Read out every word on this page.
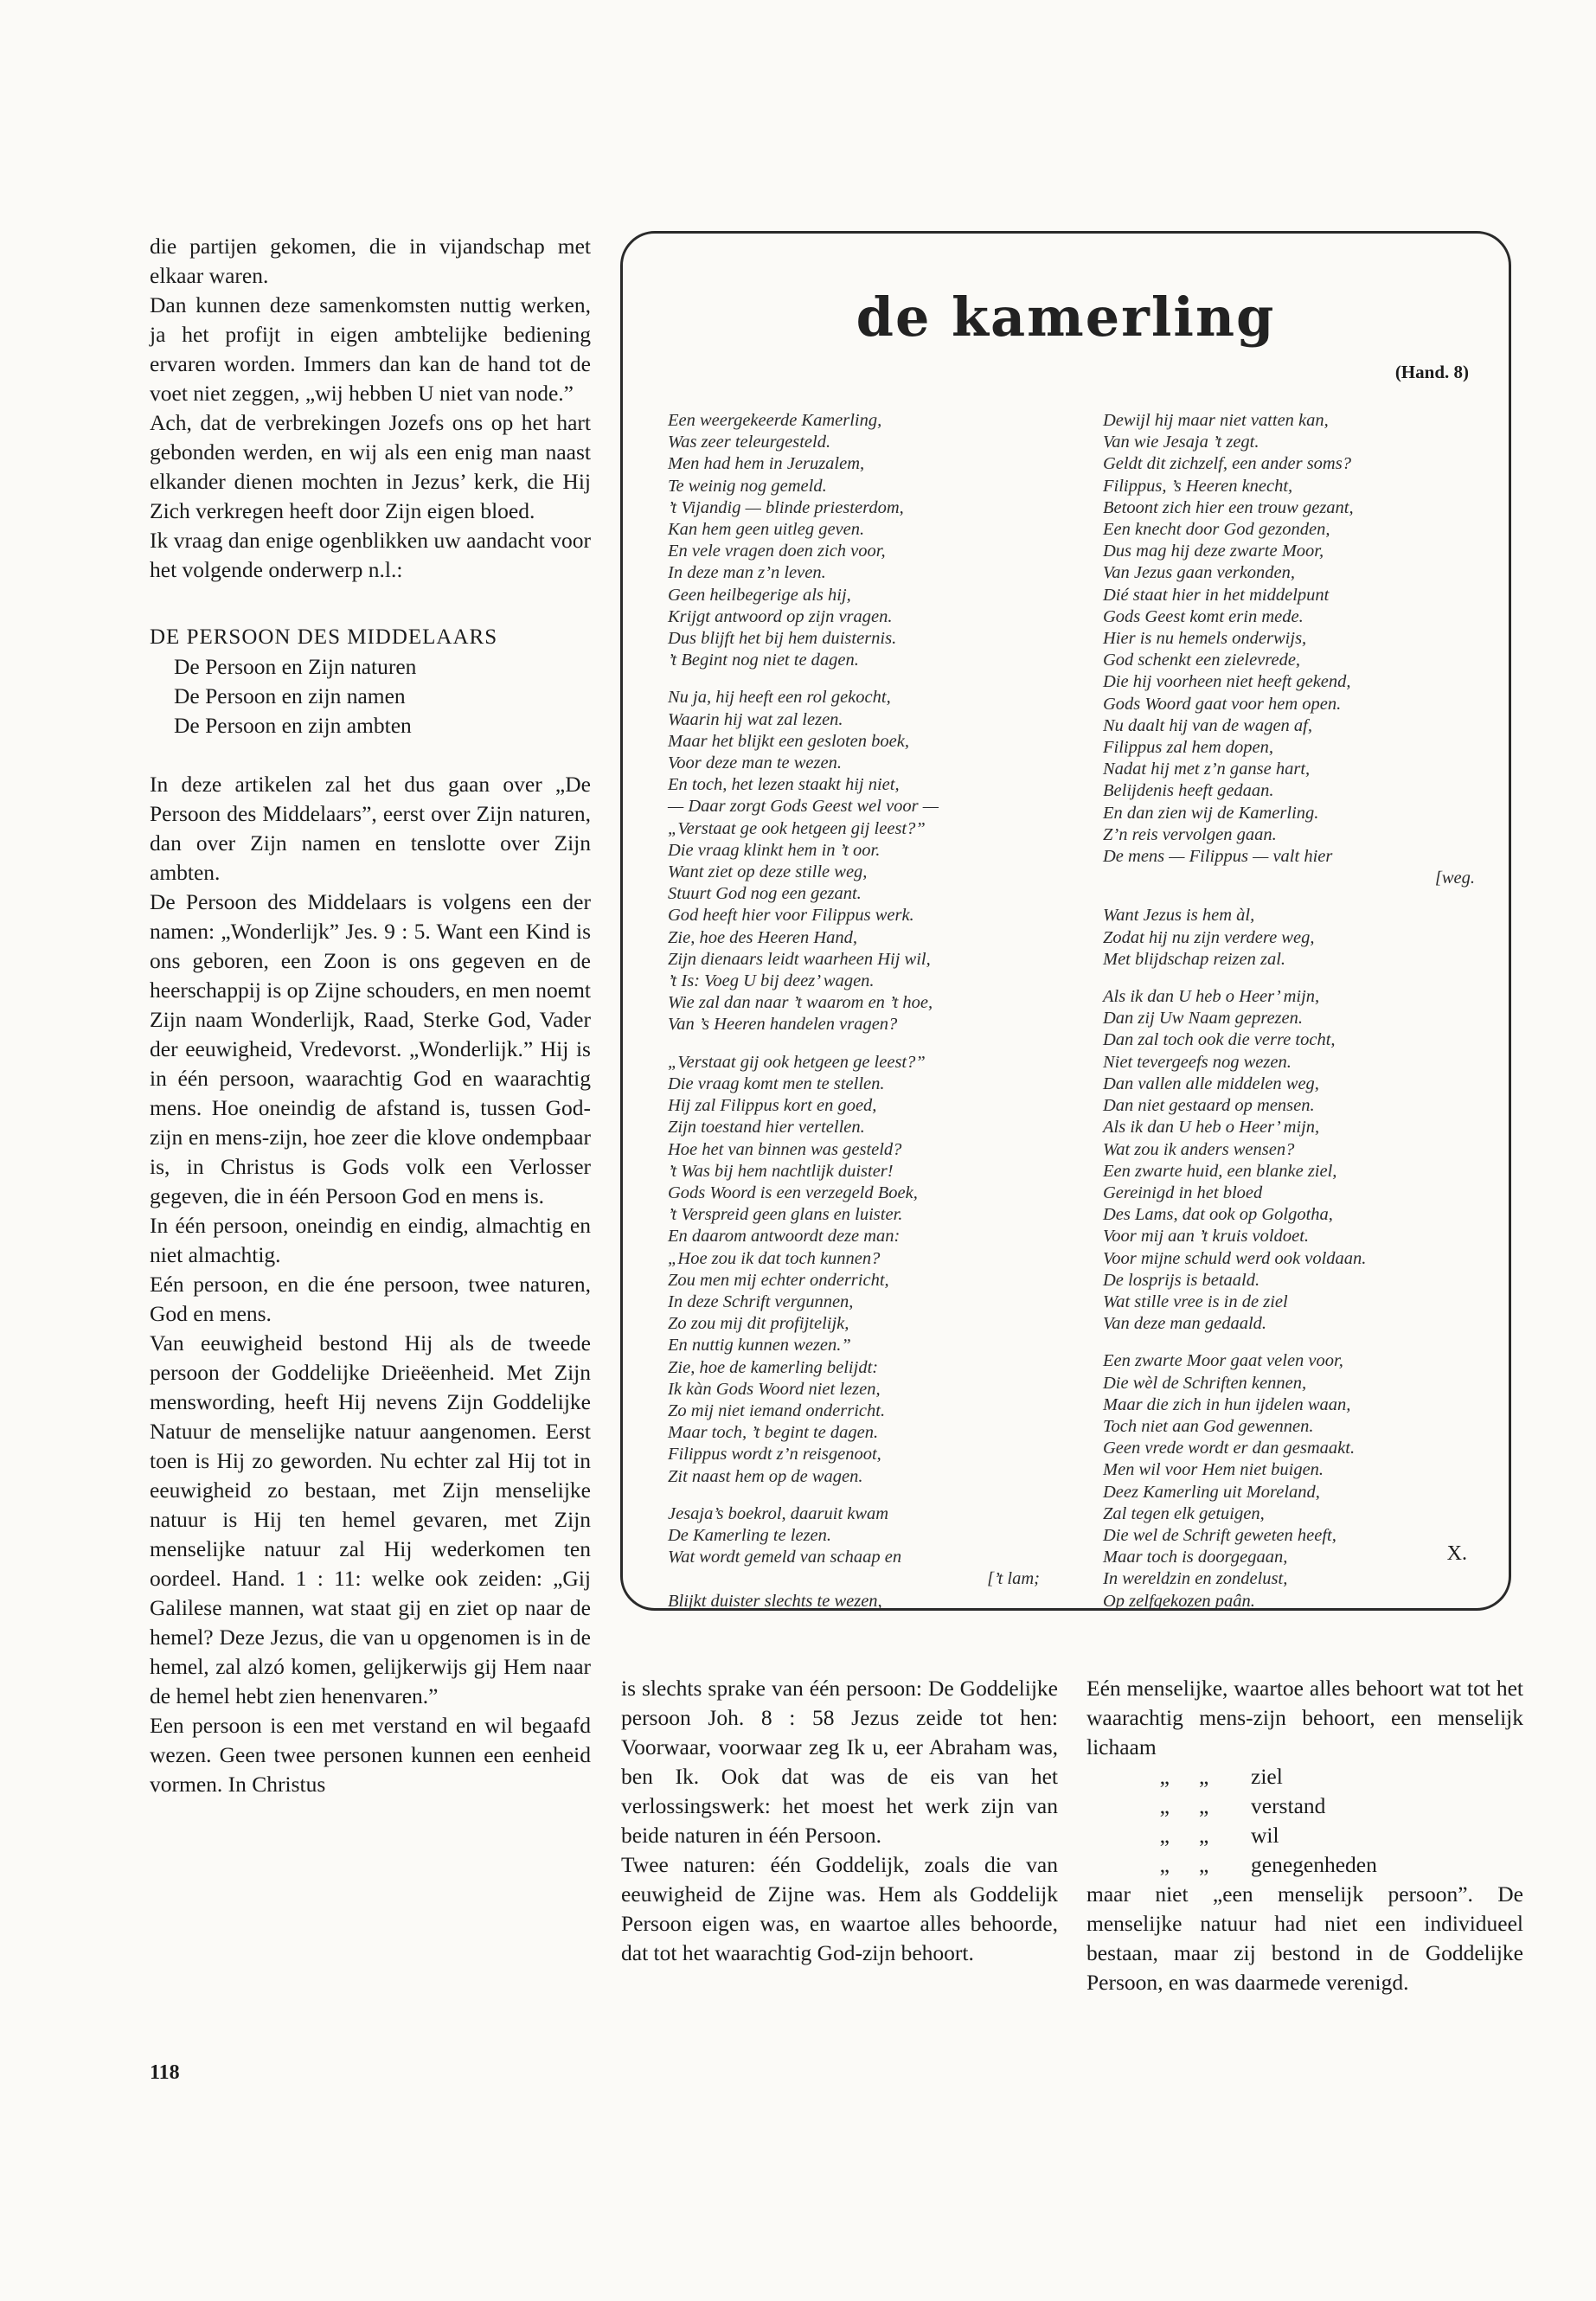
die partijen gekomen, die in vijandschap met elkaar waren.

Dan kunnen deze samenkomsten nuttig werken, ja het profijt in eigen ambtelijke bediening ervaren worden. Immers dan kan de hand tot de voet niet zeggen, „wij hebben U niet van node.”

Ach, dat de verbrekingen Jozefs ons op het hart gebonden werden, en wij als een enig man naast elkander dienen mochten in Jezus’ kerk, die Hij Zich verkregen heeft door Zijn eigen bloed.

Ik vraag dan enige ogenblikken uw aandacht voor het volgende onderwerp n.l.:

DE PERSOON DES MIDDELAARS

De Persoon en Zijn naturen

De Persoon en zijn namen

De Persoon en zijn ambten

In deze artikelen zal het dus gaan over „De Persoon des Middelaars”, eerst over Zijn naturen, dan over Zijn namen en tenslotte over Zijn ambten.

De Persoon des Middelaars is volgens een der namen: „Wonderlijk” Jes. 9 : 5. Want een Kind is ons geboren, een Zoon is ons gegeven en de heerschappij is op Zijne schouders, en men noemt Zijn naam Wonderlijk, Raad, Sterke God, Vader der eeuwigheid, Vredevorst. „Wonderlijk.” Hij is in één persoon, waarachtig God en waarachtig mens. Hoe oneindig de afstand is, tussen God-zijn en mens-zijn, hoe zeer die klove ondempbaar is, in Christus is Gods volk een Verlosser gegeven, die in één Persoon God en mens is.

In één persoon, oneindig en eindig, almachtig en niet almachtig.

Eén persoon, en die éne persoon, twee naturen, God en mens.

Van eeuwigheid bestond Hij als de tweede persoon der Goddelijke Drieëenheid. Met Zijn menswording, heeft Hij nevens Zijn Goddelijke Natuur de menselijke natuur aangenomen. Eerst toen is Hij zo geworden. Nu echter zal Hij tot in eeuwigheid zo bestaan, met Zijn menselijke natuur is Hij ten hemel gevaren, met Zijn menselijke natuur zal Hij wederkomen ten oordeel. Hand. 1 : 11: welke ook zeiden: „Gij Galilese mannen, wat staat gij en ziet op naar de hemel? Deze Jezus, die van u opgenomen is in de hemel, zal alzó komen, gelijkerwijs gij Hem naar de hemel hebt zien henenvaren.”

Een persoon is een met verstand en wil begaafd wezen. Geen twee personen kunnen een eenheid vormen. In Christus

de kamerling
(Hand. 8)
Een weergekeerde Kamerling,
Was zeer teleurgesteld.
Men had hem in Jeruzalem,
Te weinig nog gemeld.
’t Vijandig — blinde priesterdom,
Kan hem geen uitleg geven.
En vele vragen doen zich voor,
In deze man z’n leven.
Geen heilbegerige als hij,
Krijgt antwoord op zijn vragen.
Dus blijft het bij hem duisternis.
’t Begint nog niet te dagen.
Nu ja, hij heeft een rol gekocht,
Waarin hij wat zal lezen.
Maar het blijkt een gesloten boek,
Voor deze man te wezen.
En toch, het lezen staakt hij niet,
— Daar zorgt Gods Geest wel voor —
„Verstaat ge ook hetgeen gij leest?”
Die vraag klinkt hem in ’t oor.
Want ziet op deze stille weg,
Stuurt God nog een gezant.
God heeft hier voor Filippus werk.
Zie, hoe des Heeren Hand,
Zijn dienaars leidt waarheen Hij wil,
’t Is: Voeg U bij deez’ wagen.
Wie zal dan naar ’t waarom en ’t hoe,
Van ’s Heeren handelen vragen?
„Verstaat gij ook hetgeen ge leest?”
Die vraag komt men te stellen.
Hij zal Filippus kort en goed,
Zijn toestand hier vertellen.
Hoe het van binnen was gesteld?
’t Was bij hem nachtlijk duister!
Gods Woord is een verzegeld Boek,
’t Verspreid geen glans en luister.
En daarom antwoordt deze man:
„Hoe zou ik dat toch kunnen?
Zou men mij echter onderricht,
In deze Schrift vergunnen,
Zo zou mij dit profijtelijk,
En nuttig kunnen wezen.”
Zie, hoe de kamerling belijdt:
Ik kàn Gods Woord niet lezen,
Zo mij niet iemand onderricht.
Maar toch, ’t begint te dagen.
Filippus wordt z’n reisgenoot,
Zit naast hem op de wagen.
Jesaja’s boekrol, daaruit kwam
De Kamerling te lezen.
Wat wordt gemeld van schaap en
[’t lam;
Blijkt duister slechts te wezen,
Dewijl hij maar niet vatten kan,
Van wie Jesaja ’t zegt.
Geldt dit zichzelf, een ander soms?
Filippus, ’s Heeren knecht,
Betoont zich hier een trouw gezant,
Een knecht door God gezonden,
Dus mag hij deze zwarte Moor,
Van Jezus gaan verkonden,
Dié staat hier in het middelpunt
Gods Geest komt erin mede.
Hier is nu hemels onderwijs,
God schenkt een zielevrede,
Die hij voorheen niet heeft gekend,
Gods Woord gaat voor hem open.
Nu daalt hij van de wagen af,
Filippus zal hem dopen,
Nadat hij met z’n ganse hart,
Belijdenis heeft gedaan.
En dan zien wij de Kamerling.
Z’n reis vervolgen gaan.
De mens — Filippus — valt hier
[weg.
Want Jezus is hem àl,
Zodat hij nu zijn verdere weg,
Met blijdschap reizen zal.
Als ik dan U heb o Heer’ mijn,
Dan zij Uw Naam geprezen.
Dan zal toch ook die verre tocht,
Niet tevergeefs nog wezen.
Dan vallen alle middelen weg,
Dan niet gestaard op mensen.
Als ik dan U heb o Heer’ mijn,
Wat zou ik anders wensen?
Een zwarte huid, een blanke ziel,
Gereinigd in het bloed
Des Lams, dat ook op Golgotha,
Voor mij aan ’t kruis voldoet.
Voor mijne schuld werd ook voldaan.
De losprijs is betaald.
Wat stille vree is in de ziel
Van deze man gedaald.
Een zwarte Moor gaat velen voor,
Die wèl de Schriften kennen,
Maar die zich in hun ijdelen waan,
Toch niet aan God gewennen.
Geen vrede wordt er dan gesmaakt.
Men wil voor Hem niet buigen.
Deez Kamerling uit Moreland,
Zal tegen elk getuigen,
Die wel de Schrift geweten heeft,
Maar toch is doorgegaan,
In wereldzin en zondelust,
Op zelfgekozen paân.
X.

is slechts sprake van één persoon: De Goddelijke persoon Joh. 8 : 58 Jezus zeide tot hen: Voorwaar, voorwaar zeg Ik u, eer Abraham was, ben Ik. Ook dat was de eis van het verlossingswerk: het moest het werk zijn van beide naturen in één Persoon.

Twee naturen: één Goddelijk, zoals die van eeuwigheid de Zijne was. Hem als Goddelijk Persoon eigen was, en waartoe alles behoorde, dat tot het waarachtig God-zijn behoort.

Eén menselijke, waartoe alles behoort wat tot het waarachtig mens-zijn behoort, een menselijk lichaam

„	„	ziel
„	„	verstand
„	„	wil
„	„	genegenheden

maar niet „een menselijk persoon”. De menselijke natuur had niet een individueel bestaan, maar zij bestond in de Goddelijke Persoon, en was daarmede verenigd.

118
